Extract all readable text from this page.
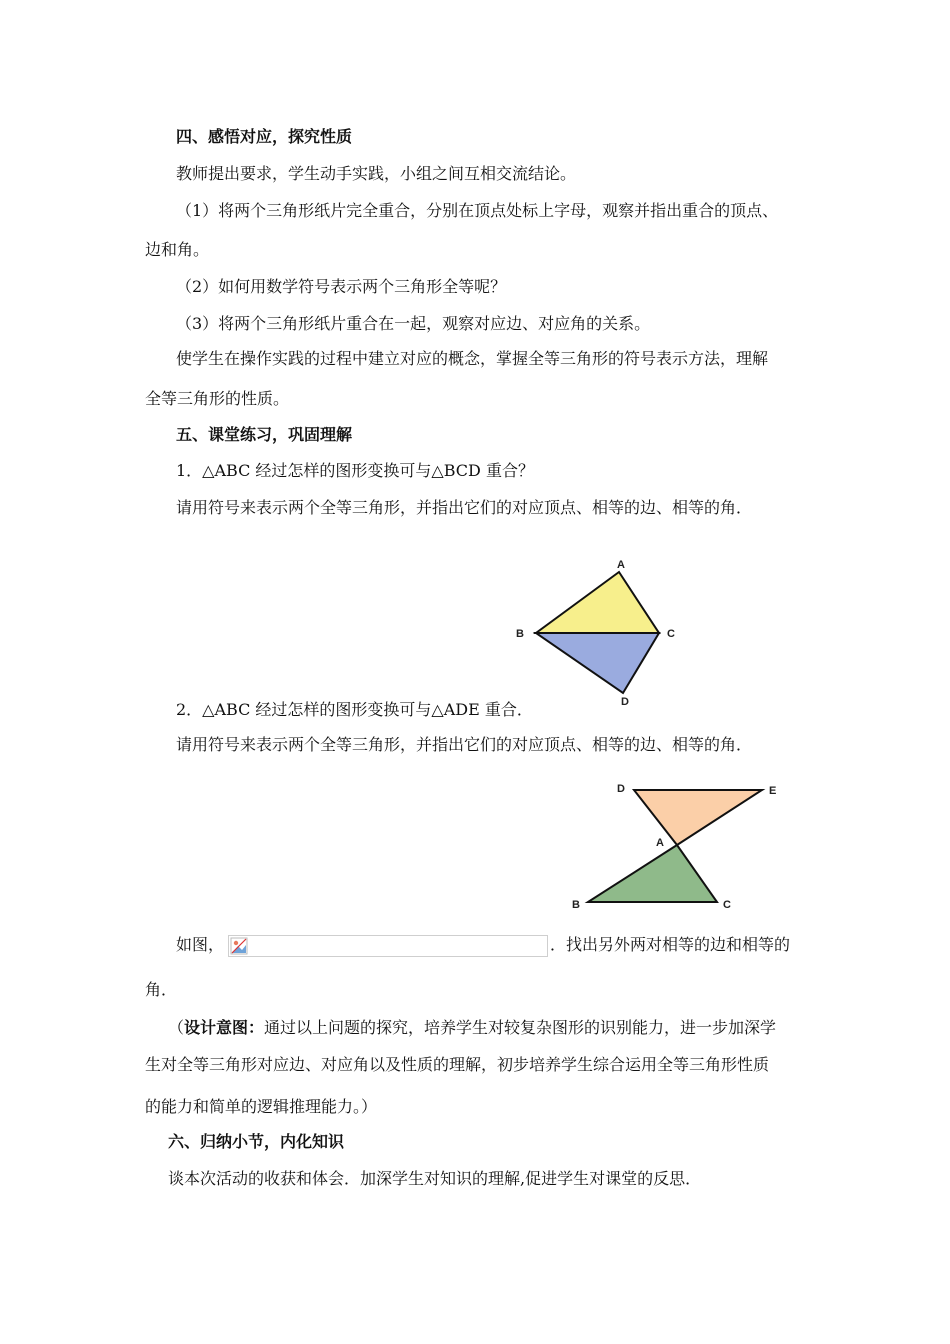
四、感悟对应，探究性质
教师提出要求，学生动手实践，小组之间互相交流结论。
（1）将两个三角形纸片完全重合，分别在顶点处标上字母，观察并指出重合的顶点、
边和角。
（2）如何用数学符号表示两个三角形全等呢？
（3）将两个三角形纸片重合在一起，观察对应边、对应角的关系。
使学生在操作实践的过程中建立对应的概念，掌握全等三角形的符号表示方法，理解
全等三角形的性质。
五、课堂练习，巩固理解
1．△ABC 经过怎样的图形变换可与△BCD 重合？
请用符号来表示两个全等三角形，并指出它们的对应顶点、相等的边、相等的角．
A
B	C
D
D	E
A
B	C
2．△ABC 经过怎样的图形变换可与△ADE 重合．
请用符号来表示两个全等三角形，并指出它们的对应顶点、相等的边、相等的角．
如图，	．找出另外两对相等的边和相等的
角．
（设计意图：通过以上问题的探究，培养学生对较复杂图形的识别能力，进一步加深学
生对全等三角形对应边、对应角以及性质的理解，初步培养学生综合运用全等三角形性质
的能力和简单的逻辑推理能力。）
六、归纳小节，内化知识
谈本次活动的收获和体会．加深学生对知识的理解,促进学生对课堂的反思．
